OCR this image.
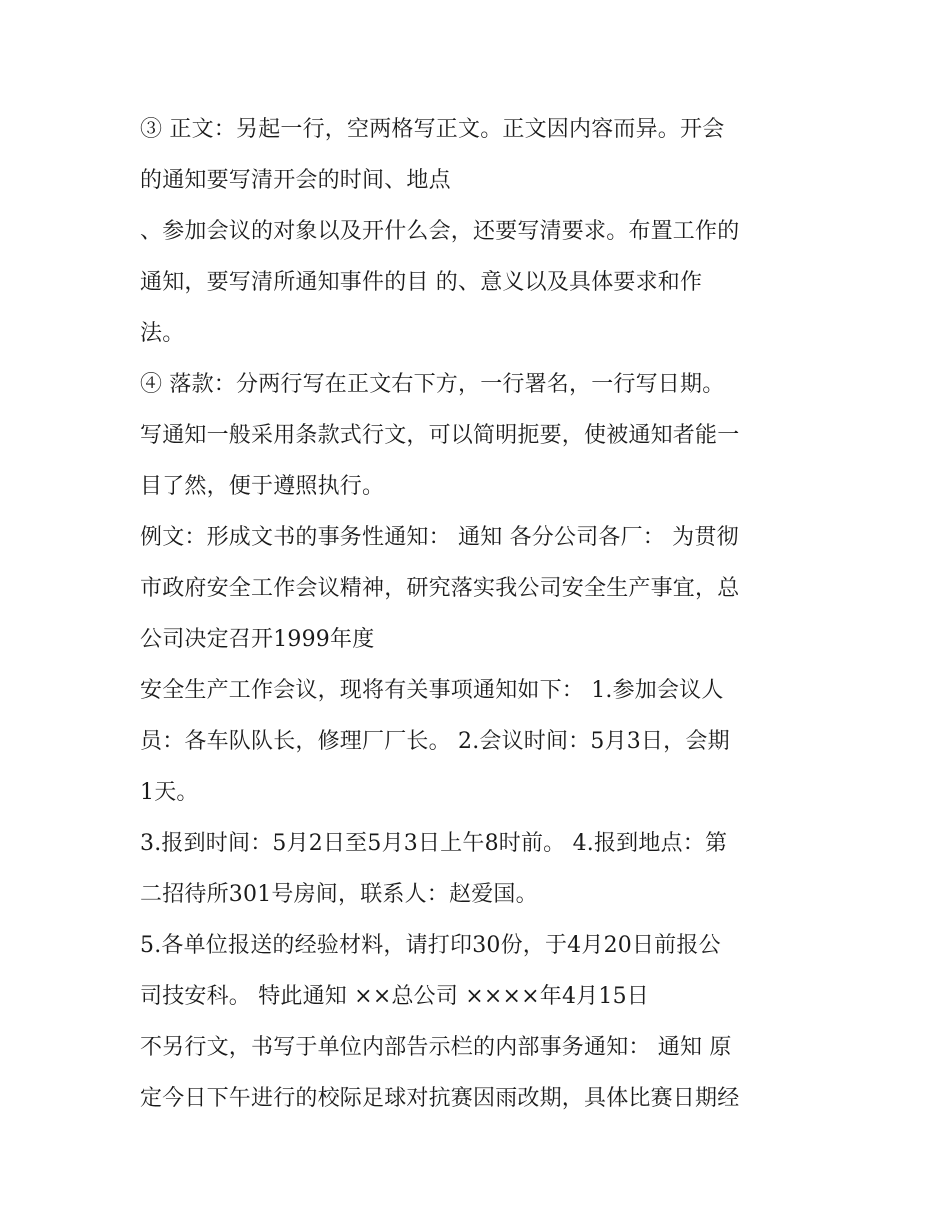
③ 正文：另起一行，空两格写正文。正文因内容而异。开会
的通知要写清开会的时间、地点
、参加会议的对象以及开什么会，还要写清要求。布置工作的
通知，要写清所通知事件的目 的、意义以及具体要求和作
法。
④ 落款：分两行写在正文右下方，一行署名，一行写日期。
写通知一般采用条款式行文，可以简明扼要，使被通知者能一
目了然，便于遵照执行。
例文：形成文书的事务性通知： 通知 各分公司各厂： 为贯彻
市政府安全工作会议精神，研究落实我公司安全生产事宜，总
公司决定召开1999年度
安全生产工作会议，现将有关事项通知如下： 1.参加会议人
员：各车队队长，修理厂厂长。 2.会议时间：5月3日，会期
1天。
3.报到时间：5月2日至5月3日上午8时前。 4.报到地点：第
二招待所301号房间，联系人：赵爱国。
5.各单位报送的经验材料，请打印30份，于4月20日前报公
司技安科。 特此通知 ××总公司 ××××年4月15日
不另行文，书写于单位内部告示栏的内部事务通知： 通知 原
定今日下午进行的校际足球对抗赛因雨改期，具体比赛日期经
